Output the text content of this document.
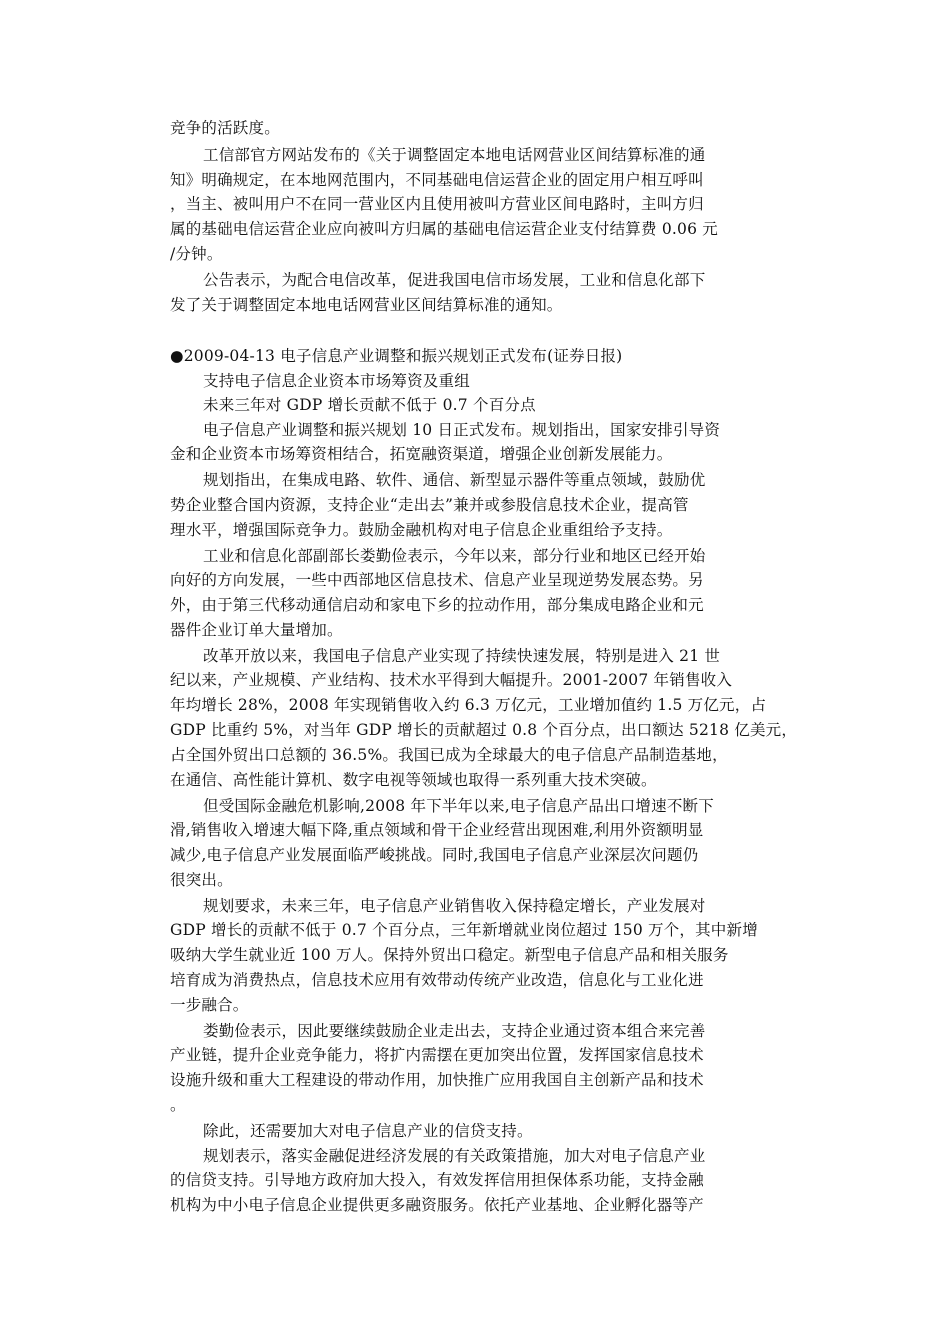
竞争的活跃度。
工信部官方网站发布的《关于调整固定本地电话网营业区间结算标准的通
知》明确规定，在本地网范围内，不同基础电信运营企业的固定用户相互呼叫
，当主、被叫用户不在同一营业区内且使用被叫方营业区间电路时，主叫方归
属的基础电信运营企业应向被叫方归属的基础电信运营企业支付结算费 0.06 元
/分钟。
公告表示，为配合电信改革，促进我国电信市场发展，工业和信息化部下
发了关于调整固定本地电话网营业区间结算标准的通知。
●2009-04-13 电子信息产业调整和振兴规划正式发布(证券日报)
支持电子信息企业资本市场筹资及重组
未来三年对 GDP 增长贡献不低于 0.7 个百分点
电子信息产业调整和振兴规划 10 日正式发布。规划指出，国家安排引导资
金和企业资本市场筹资相结合，拓宽融资渠道，增强企业创新发展能力。
规划指出，在集成电路、软件、通信、新型显示器件等重点领域，鼓励优
势企业整合国内资源，支持企业“走出去”兼并或参股信息技术企业，提高管
理水平，增强国际竞争力。鼓励金融机构对电子信息企业重组给予支持。
工业和信息化部副部长娄勤俭表示，今年以来，部分行业和地区已经开始
向好的方向发展，一些中西部地区信息技术、信息产业呈现逆势发展态势。另
外，由于第三代移动通信启动和家电下乡的拉动作用，部分集成电路企业和元
器件企业订单大量增加。
改革开放以来，我国电子信息产业实现了持续快速发展，特别是进入 21 世
纪以来，产业规模、产业结构、技术水平得到大幅提升。2001-2007 年销售收入
年均增长 28%，2008 年实现销售收入约 6.3 万亿元，工业增加值约 1.5 万亿元，占
GDP 比重约 5%，对当年 GDP 增长的贡献超过 0.8 个百分点，出口额达 5218 亿美元，
占全国外贸出口总额的 36.5%。我国已成为全球最大的电子信息产品制造基地，
在通信、高性能计算机、数字电视等领域也取得一系列重大技术突破。
但受国际金融危机影响,2008 年下半年以来,电子信息产品出口增速不断下
滑,销售收入增速大幅下降,重点领域和骨干企业经营出现困难,利用外资额明显
减少,电子信息产业发展面临严峻挑战。同时,我国电子信息产业深层次问题仍
很突出。
规划要求，未来三年，电子信息产业销售收入保持稳定增长，产业发展对
GDP 增长的贡献不低于 0.7 个百分点，三年新增就业岗位超过 150 万个，其中新增
吸纳大学生就业近 100 万人。保持外贸出口稳定。新型电子信息产品和相关服务
培育成为消费热点，信息技术应用有效带动传统产业改造，信息化与工业化进
一步融合。
娄勤俭表示，因此要继续鼓励企业走出去，支持企业通过资本组合来完善
产业链，提升企业竞争能力，将扩内需摆在更加突出位置，发挥国家信息技术
设施升级和重大工程建设的带动作用，加快推广应用我国自主创新产品和技术
。
除此，还需要加大对电子信息产业的信贷支持。
规划表示，落实金融促进经济发展的有关政策措施，加大对电子信息产业
的信贷支持。引导地方政府加大投入，有效发挥信用担保体系功能，支持金融
机构为中小电子信息企业提供更多融资服务。依托产业基地、企业孵化器等产
